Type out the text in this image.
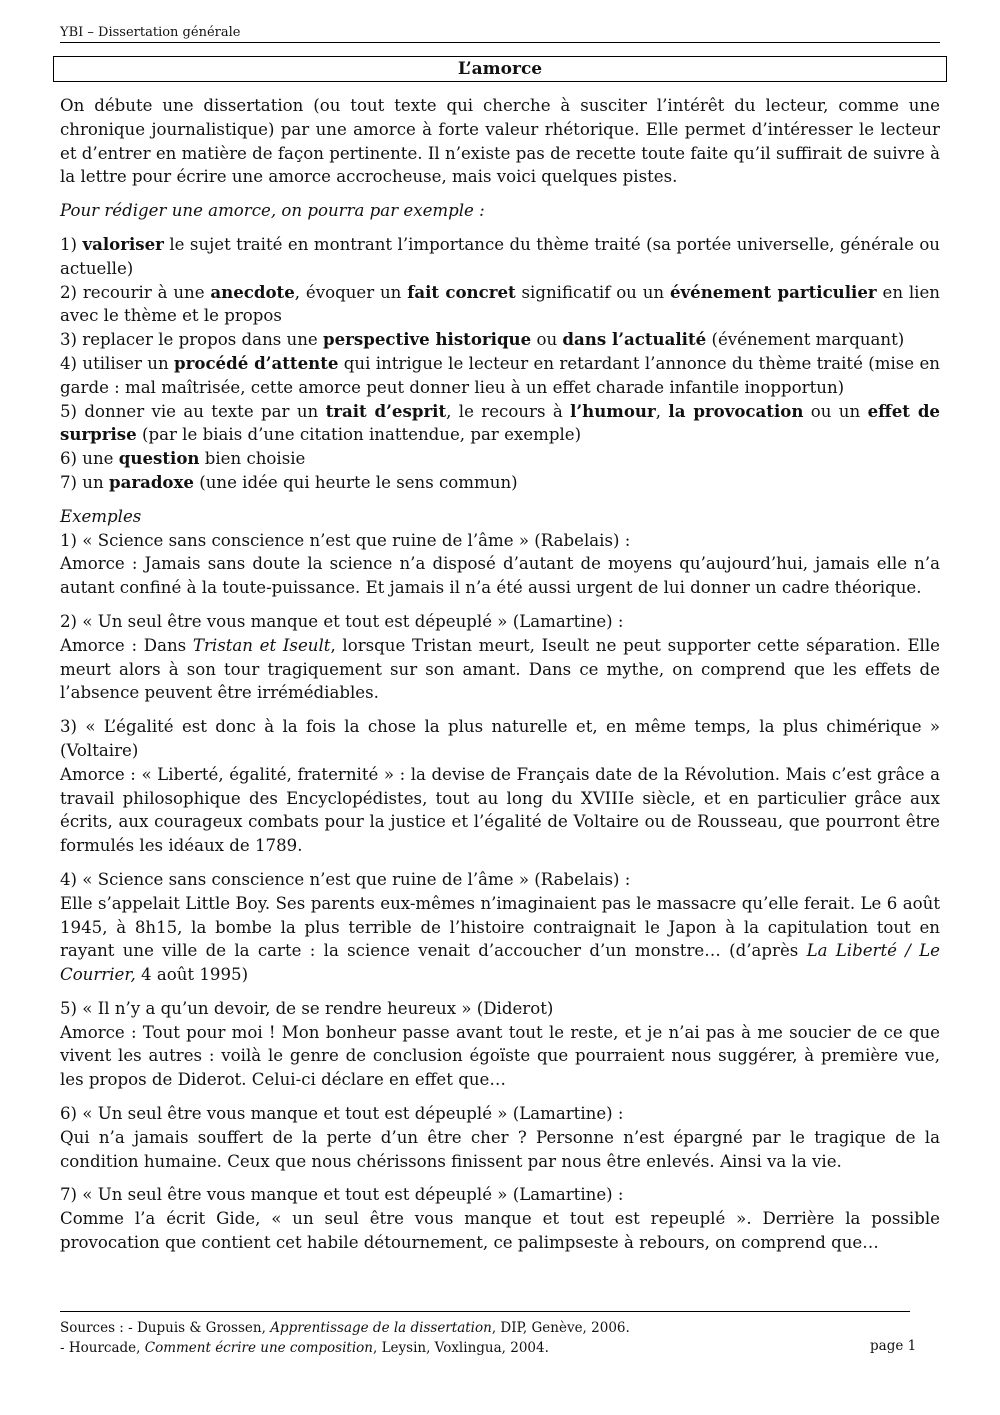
YBI – Dissertation générale
L’amorce

On débute une dissertation (ou tout texte qui cherche à susciter l’intérêt du lecteur, comme une chronique journalistique) par une amorce à forte valeur rhétorique. Elle permet d’intéresser le lecteur et d’entrer en matière de façon pertinente. Il n’existe pas de recette toute faite qu’il suffirait de suivre à la lettre pour écrire une amorce accrocheuse, mais voici quelques pistes.

Pour rédiger une amorce, on pourra par exemple :

1) valoriser le sujet traité en montrant l’importance du thème traité (sa portée universelle, générale ou actuelle)
2) recourir à une anecdote, évoquer un fait concret significatif ou un événement particulier en lien avec le thème et le propos
3) replacer le propos dans une perspective historique ou dans l’actualité (événement marquant)
4) utiliser un procédé d’attente qui intrigue le lecteur en retardant l’annonce du thème traité (mise en garde : mal maîtrisée, cette amorce peut donner lieu à un effet charade infantile inopportun)
5) donner vie au texte par un trait d’esprit, le recours à l’humour, la provocation ou un effet de surprise (par le biais d’une citation inattendue, par exemple)
6) une question bien choisie
7) un paradoxe (une idée qui heurte le sens commun)

Exemples
1) « Science sans conscience n’est que ruine de l’âme » (Rabelais) :
Amorce : Jamais sans doute la science n’a disposé d’autant de moyens qu’aujourd’hui, jamais elle n’a autant confiné à la toute-puissance. Et jamais il n’a été aussi urgent de lui donner un cadre théorique.

2) « Un seul être vous manque et tout est dépeuplé » (Lamartine) :
Amorce : Dans Tristan et Iseult, lorsque Tristan meurt, Iseult ne peut supporter cette séparation. Elle meurt alors à son tour tragiquement sur son amant. Dans ce mythe, on comprend que les effets de l’absence peuvent être irrémédiables.

3) « L’égalité est donc à la fois la chose la plus naturelle et, en même temps, la plus chimérique » (Voltaire)
Amorce : « Liberté, égalité, fraternité » : la devise de Français date de la Révolution. Mais c’est grâce a travail philosophique des Encyclopédistes, tout au long du XVIIIe siècle, et en particulier grâce aux écrits, aux courageux combats pour la justice et l’égalité de Voltaire ou de Rousseau, que pourront être formulés les idéaux de 1789.

4) « Science sans conscience n’est que ruine de l’âme » (Rabelais) :
Elle s’appelait Little Boy. Ses parents eux-mêmes n’imaginaient pas le massacre qu’elle ferait. Le 6 août 1945, à 8h15, la bombe la plus terrible de l’histoire contraignait le Japon à la capitulation tout en rayant une ville de la carte : la science venait d’accoucher d’un monstre… (d’après La Liberté / Le Courrier, 4 août 1995)

5) « Il n’y a qu’un devoir, de se rendre heureux » (Diderot)
Amorce : Tout pour moi ! Mon bonheur passe avant tout le reste, et je n’ai pas à me soucier de ce que vivent les autres : voilà le genre de conclusion égoïste que pourraient nous suggérer, à première vue, les propos de Diderot. Celui-ci déclare en effet que…

6) « Un seul être vous manque et tout est dépeuplé » (Lamartine) :
Qui n’a jamais souffert de la perte d’un être cher ? Personne n’est épargné par le tragique de la condition humaine. Ceux que nous chérissons finissent par nous être enlevés. Ainsi va la vie.

7) « Un seul être vous manque et tout est dépeuplé » (Lamartine) :
Comme l’a écrit Gide, « un seul être vous manque et tout est repeuplé ». Derrière la possible provocation que contient cet habile détournement, ce palimpseste à rebours, on comprend que…

Sources : - Dupuis & Grossen, Apprentissage de la dissertation, DIP, Genève, 2006.
- Hourcade, Comment écrire une composition, Leysin, Voxlingua, 2004.	page 1
